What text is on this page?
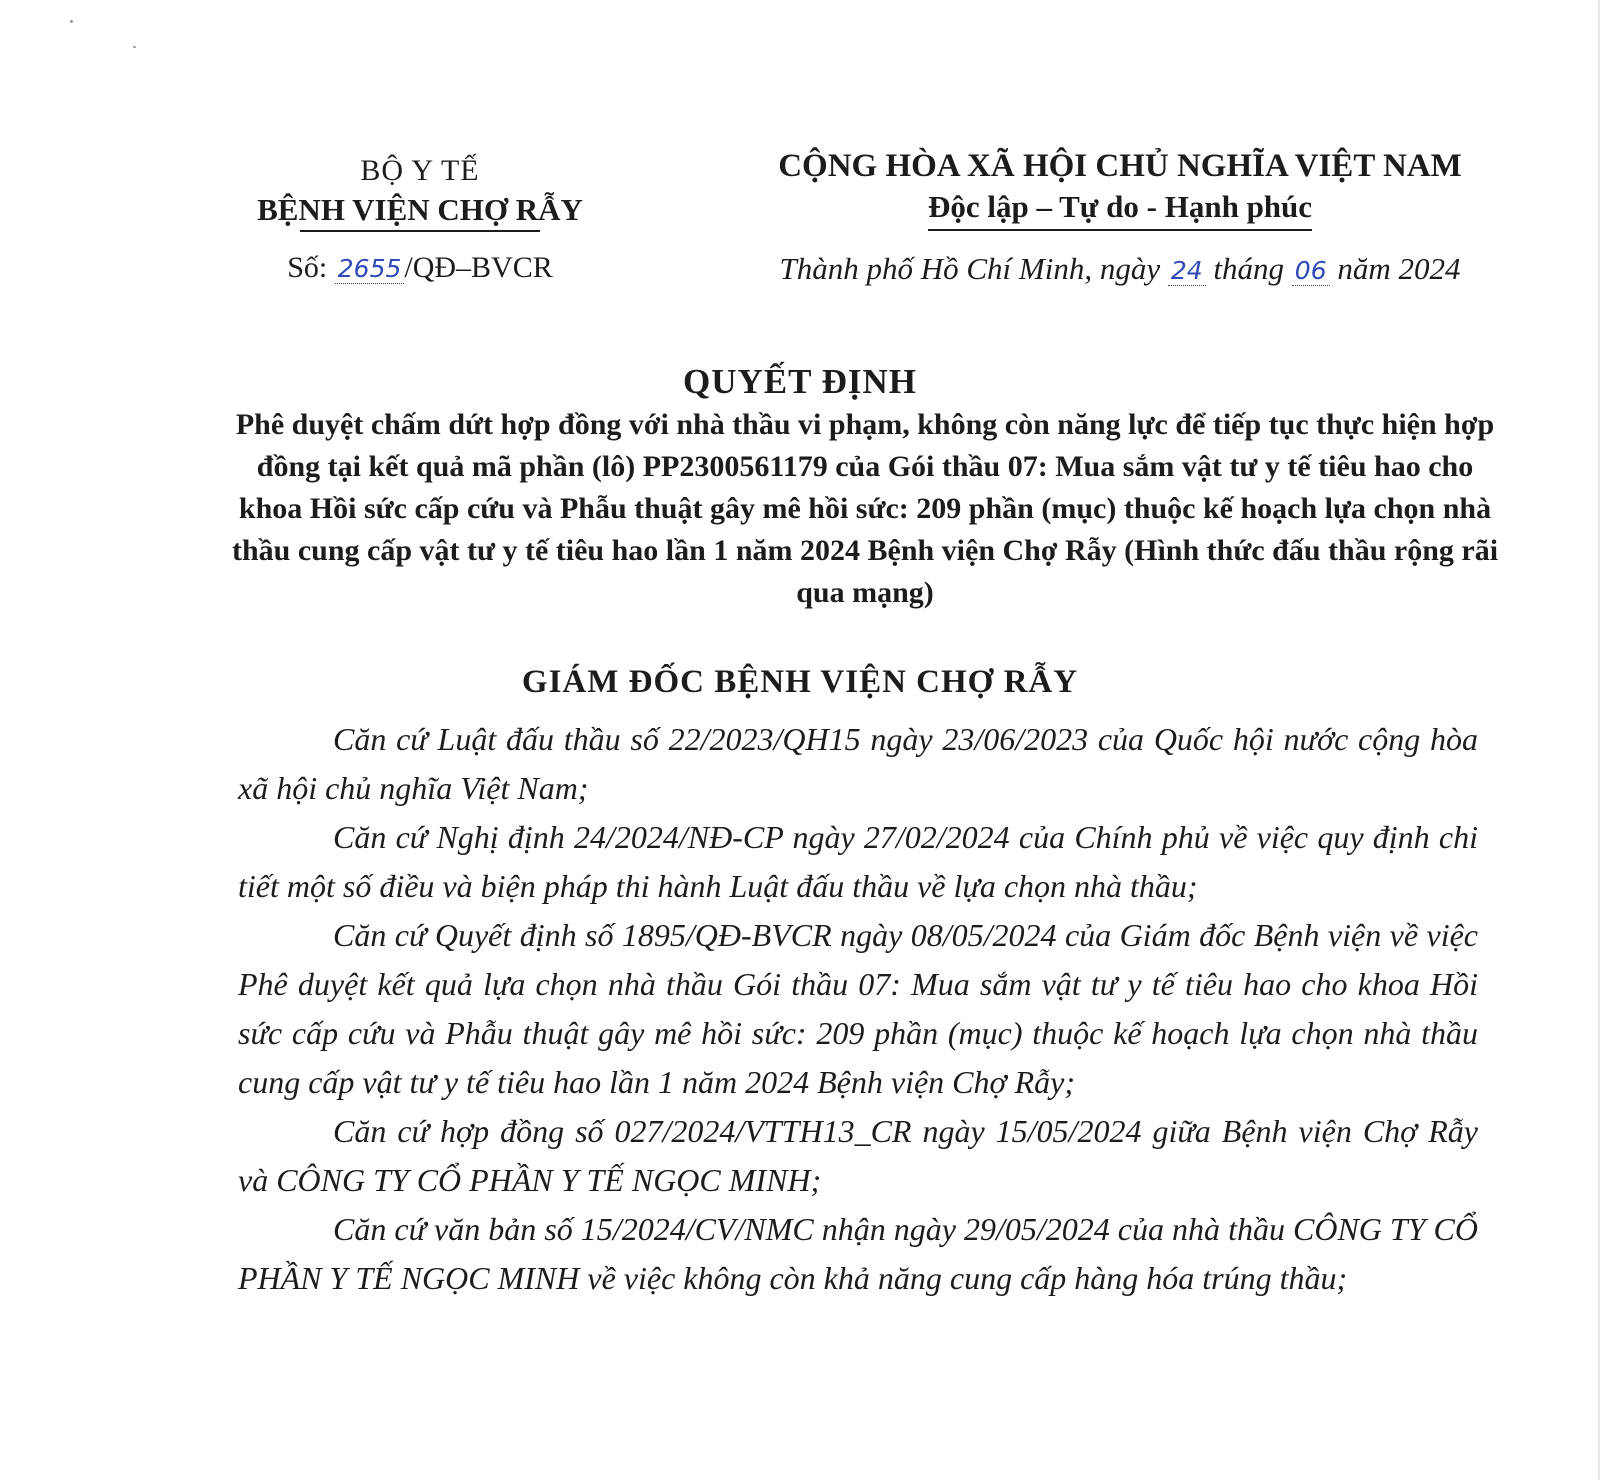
BỘ Y TẾ
BỆNH VIỆN CHỢ RẪY
Số: 2655 /QĐ–BVCR
CỘNG HÒA XÃ HỘI CHỦ NGHĨA VIỆT NAM
Độc lập – Tự do - Hạnh phúc
Thành phố Hồ Chí Minh, ngày 24 tháng 06 năm 2024
QUYẾT ĐỊNH
Phê duyệt chấm dứt hợp đồng với nhà thầu vi phạm, không còn năng lực để tiếp tục thực hiện hợp đồng tại kết quả mã phần (lô) PP2300561179 của Gói thầu 07: Mua sắm vật tư y tế tiêu hao cho khoa Hồi sức cấp cứu và Phẫu thuật gây mê hồi sức: 209 phần (mục) thuộc kế hoạch lựa chọn nhà thầu cung cấp vật tư y tế tiêu hao lần 1 năm 2024 Bệnh viện Chợ Rẫy (Hình thức đấu thầu rộng rãi qua mạng)
GIÁM ĐỐC BỆNH VIỆN CHỢ RẪY

Căn cứ Luật đấu thầu số 22/2023/QH15 ngày 23/06/2023 của Quốc hội nước cộng hòa xã hội chủ nghĩa Việt Nam;

Căn cứ Nghị định 24/2024/NĐ-CP ngày 27/02/2024 của Chính phủ về việc quy định chi tiết một số điều và biện pháp thi hành Luật đấu thầu về lựa chọn nhà thầu;

Căn cứ Quyết định số 1895/QĐ-BVCR ngày 08/05/2024 của Giám đốc Bệnh viện về việc Phê duyệt kết quả lựa chọn nhà thầu Gói thầu 07: Mua sắm vật tư y tế tiêu hao cho khoa Hồi sức cấp cứu và Phẫu thuật gây mê hồi sức: 209 phần (mục) thuộc kế hoạch lựa chọn nhà thầu cung cấp vật tư y tế tiêu hao lần 1 năm 2024 Bệnh viện Chợ Rẫy;

Căn cứ hợp đồng số 027/2024/VTTH13_CR ngày 15/05/2024 giữa Bệnh viện Chợ Rẫy và CÔNG TY CỔ PHẦN Y TẾ NGỌC MINH;

Căn cứ văn bản số 15/2024/CV/NMC nhận ngày 29/05/2024 của nhà thầu CÔNG TY CỔ PHẦN Y TẾ NGỌC MINH về việc không còn khả năng cung cấp hàng hóa trúng thầu;
